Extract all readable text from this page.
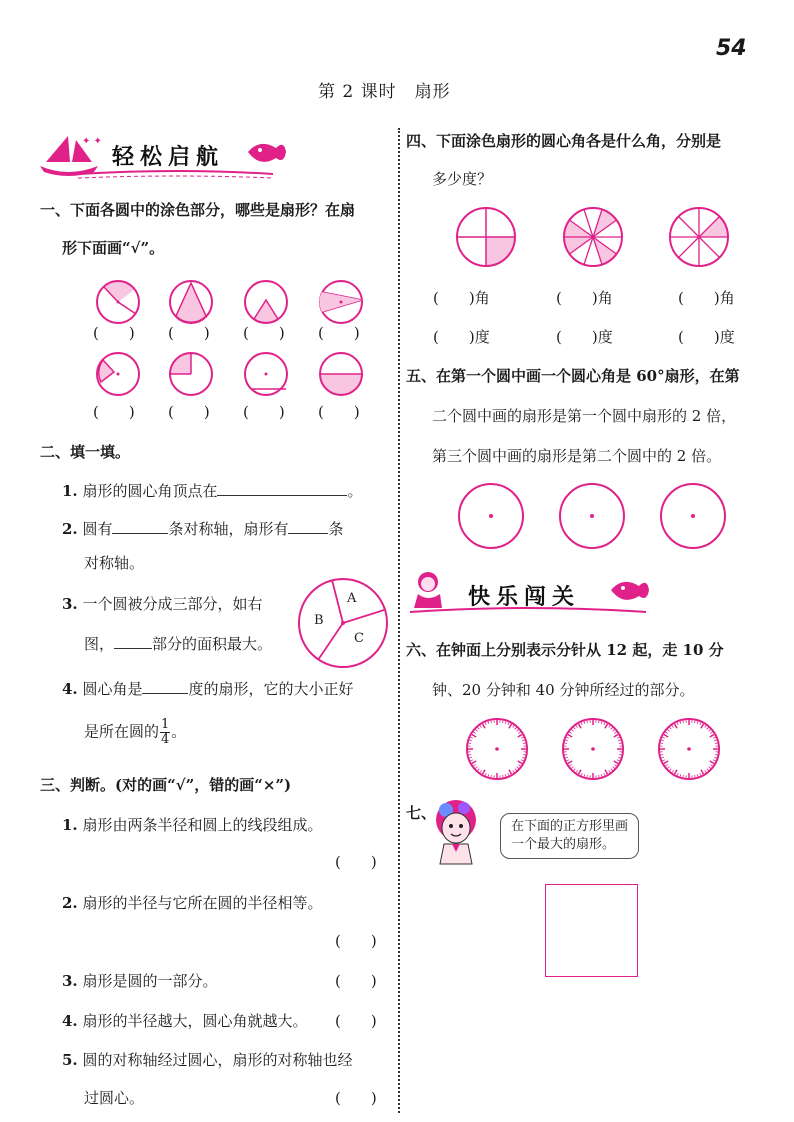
54
第 2 课时　扇形
✦ ✦
轻松启航
一、下面各圆中的涂色部分，哪些是扇形？在扇
形下面画“√”。
(　　) (　　) (　　) (　　)
(　　) (　　) (　　) (　　)
二、填一填。
1. 扇形的圆心角顶点在	。
2. 圆有	条对称轴，扇形有	条
对称轴。
3. 一个圆被分成三部分，如右
图，	部分的面积最大。
A
B
C
4. 圆心角是	度的扇形，它的大小正好
是所在圆的 $\frac{1}{4}$ 。
三、判断。(对的画“√”，错的画“×”)
1. 扇形由两条半径和圆上的线段组成。
(　　)
2. 扇形的半径与它所在圆的半径相等。
(　　)
3. 扇形是圆的一部分。	(　　)
4. 扇形的半径越大，圆心角就越大。 (　　)
5. 圆的对称轴经过圆心，扇形的对称轴也经
过圆心。	(　　)
四、下面涂色扇形的圆心角各是什么角，分别是
多少度？
(　　)角	(　　)角	(　　)角
(　　)度	(　　)度	(　　)度
五、在第一个圆中画一个圆心角是 60°扇形，在第
二个圆中画的扇形是第一个圆中扇形的 2 倍，
第三个圆中画的扇形是第二个圆中的 2 倍。
快乐闯关
六、在钟面上分别表示分针从 12 起，走 10 分
钟、20 分钟和 40 分钟所经过的部分。
七、
在下面的正方形里画
一个最大的扇形。
